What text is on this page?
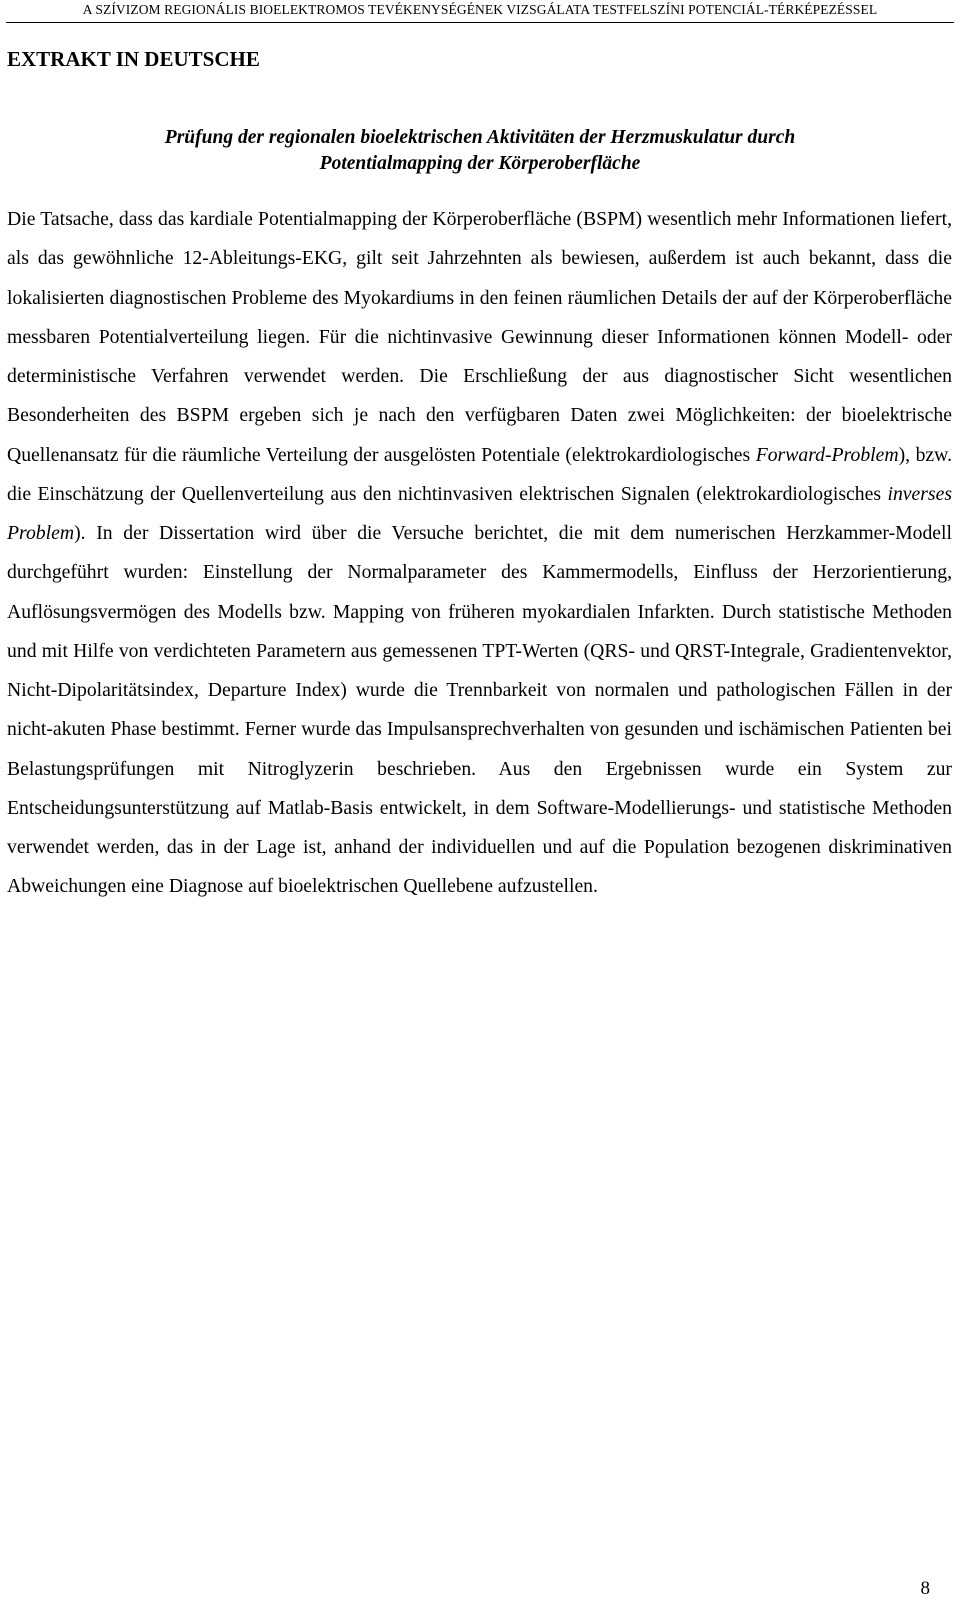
A SZÍVIZOM REGIONÁLIS BIOELEKTROMOS TEVÉKENYSÉGÉNEK VIZSGÁLATA TESTFELSZÍNI POTENCIÁL-TÉRKÉPEZÉSSEL
EXTRAKT IN DEUTSCHE
Prüfung der regionalen bioelektrischen Aktivitäten der Herzmuskulatur durch
Potentialmapping der Körperoberfläche

Die Tatsache, dass das kardiale Potentialmapping der Körperoberfläche (BSPM) wesentlich mehr Informationen liefert, als das gewöhnliche 12-Ableitungs-EKG, gilt seit Jahrzehnten als bewiesen, außerdem ist auch bekannt, dass die lokalisierten diagnostischen Probleme des Myokardiums in den feinen räumlichen Details der auf der Körperoberfläche messbaren Potentialverteilung liegen. Für die nichtinvasive Gewinnung dieser Informationen können Modell- oder deterministische Verfahren verwendet werden. Die Erschließung der aus diagnostischer Sicht wesentlichen Besonderheiten des BSPM ergeben sich je nach den verfügbaren Daten zwei Möglichkeiten: der bioelektrische Quellenansatz für die räumliche Verteilung der ausgelösten Potentiale (elektrokardiologisches Forward-Problem), bzw. die Einschätzung der Quellenverteilung aus den nichtinvasiven elektrischen Signalen (elektrokardiologisches inverses Problem). In der Dissertation wird über die Versuche berichtet, die mit dem numerischen Herzkammer-Modell durchgeführt wurden: Einstellung der Normalparameter des Kammermodells, Einfluss der Herzorientierung, Auflösungsvermögen des Modells bzw. Mapping von früheren myokardialen Infarkten. Durch statistische Methoden und mit Hilfe von verdichteten Parametern aus gemessenen TPT-Werten (QRS- und QRST-Integrale, Gradientenvektor, Nicht-Dipolaritätsindex, Departure Index) wurde die Trennbarkeit von normalen und pathologischen Fällen in der nicht-akuten Phase bestimmt. Ferner wurde das Impulsansprechverhalten von gesunden und ischämischen Patienten bei Belastungsprüfungen mit Nitroglyzerin beschrieben. Aus den Ergebnissen wurde ein System zur Entscheidungsunterstützung auf Matlab-Basis entwickelt, in dem Software-Modellierungs- und statistische Methoden verwendet werden, das in der Lage ist, anhand der individuellen und auf die Population bezogenen diskriminativen Abweichungen eine Diagnose auf bioelektrischen Quellebene aufzustellen.

8
